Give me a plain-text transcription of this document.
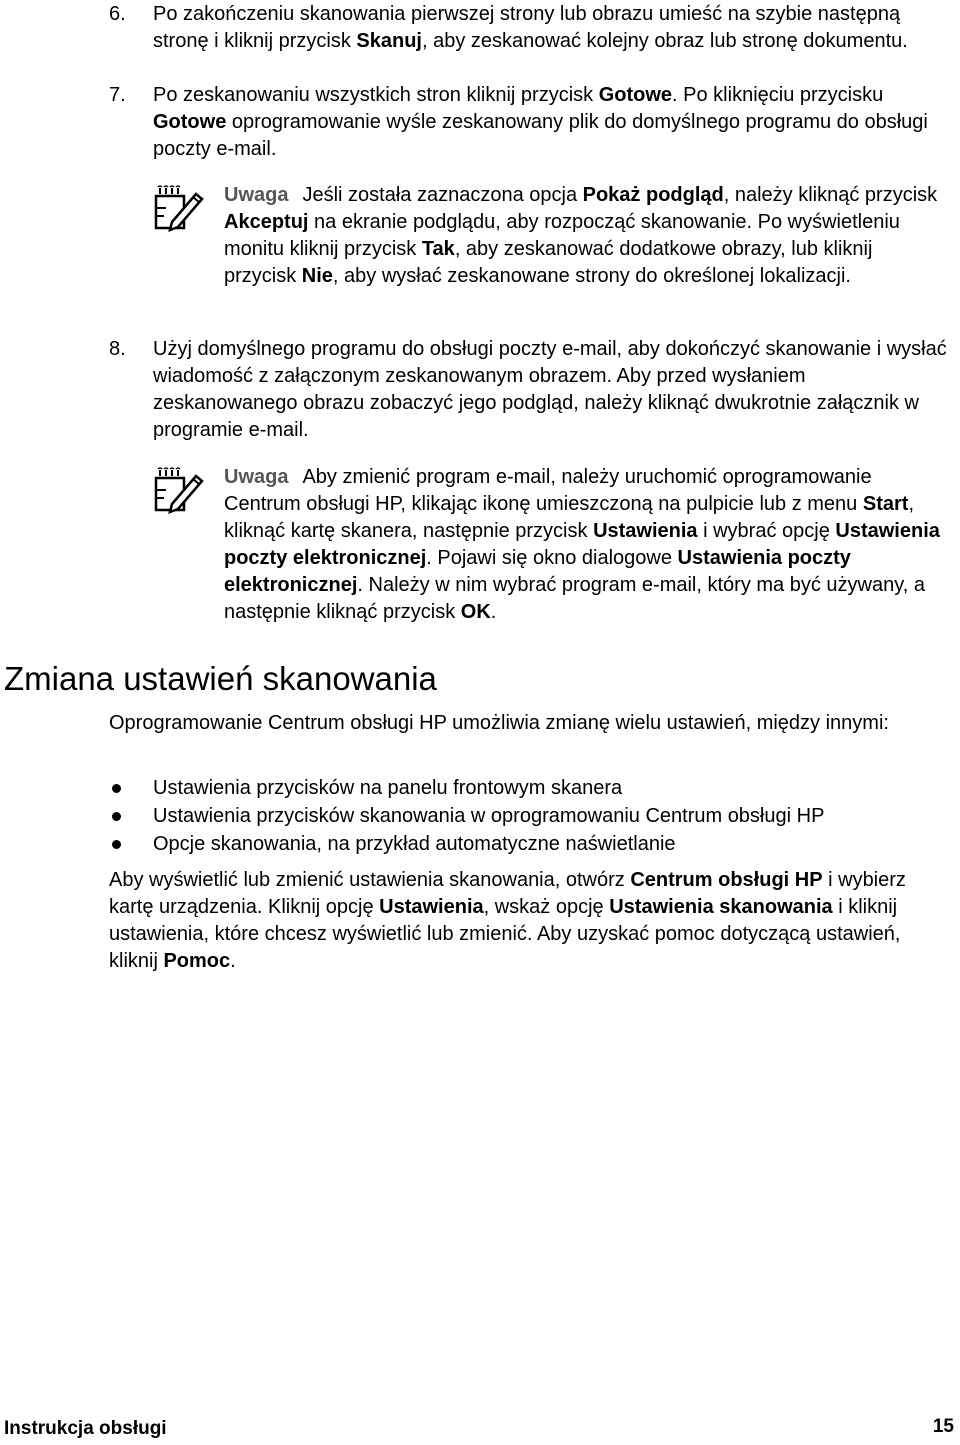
6. Po zakończeniu skanowania pierwszej strony lub obrazu umieść na szybie następną stronę i kliknij przycisk Skanuj, aby zeskanować kolejny obraz lub stronę dokumentu.
7. Po zeskanowaniu wszystkich stron kliknij przycisk Gotowe. Po kliknięciu przycisku Gotowe oprogramowanie wyśle zeskanowany plik do domyślnego programu do obsługi poczty e-mail.
Uwaga Jeśli została zaznaczona opcja Pokaż podgląd, należy kliknąć przycisk Akceptuj na ekranie podglądu, aby rozpocząć skanowanie. Po wyświetleniu monitu kliknij przycisk Tak, aby zeskanować dodatkowe obrazy, lub kliknij przycisk Nie, aby wysłać zeskanowane strony do określonej lokalizacji.
8. Użyj domyślnego programu do obsługi poczty e-mail, aby dokończyć skanowanie i wysłać wiadomość z załączonym zeskanowanym obrazem. Aby przed wysłaniem zeskanowanego obrazu zobaczyć jego podgląd, należy kliknąć dwukrotnie załącznik w programie e-mail.
Uwaga Aby zmienić program e-mail, należy uruchomić oprogramowanie Centrum obsługi HP, klikając ikonę umieszczoną na pulpicie lub z menu Start, kliknąć kartę skanera, następnie przycisk Ustawienia i wybrać opcję Ustawienia poczty elektronicznej. Pojawi się okno dialogowe Ustawienia poczty elektronicznej. Należy w nim wybrać program e-mail, który ma być używany, a następnie kliknąć przycisk OK.
Zmiana ustawień skanowania

Oprogramowanie Centrum obsługi HP umożliwia zmianę wielu ustawień, między innymi:

Ustawienia przycisków na panelu frontowym skanera
Ustawienia przycisków skanowania w oprogramowaniu Centrum obsługi HP
Opcje skanowania, na przykład automatyczne naświetlanie

Aby wyświetlić lub zmienić ustawienia skanowania, otwórz Centrum obsługi HP i wybierz kartę urządzenia. Kliknij opcję Ustawienia, wskaż opcję Ustawienia skanowania i kliknij ustawienia, które chcesz wyświetlić lub zmienić. Aby uzyskać pomoc dotyczącą ustawień, kliknij Pomoc.

Instrukcja obsługi	15
